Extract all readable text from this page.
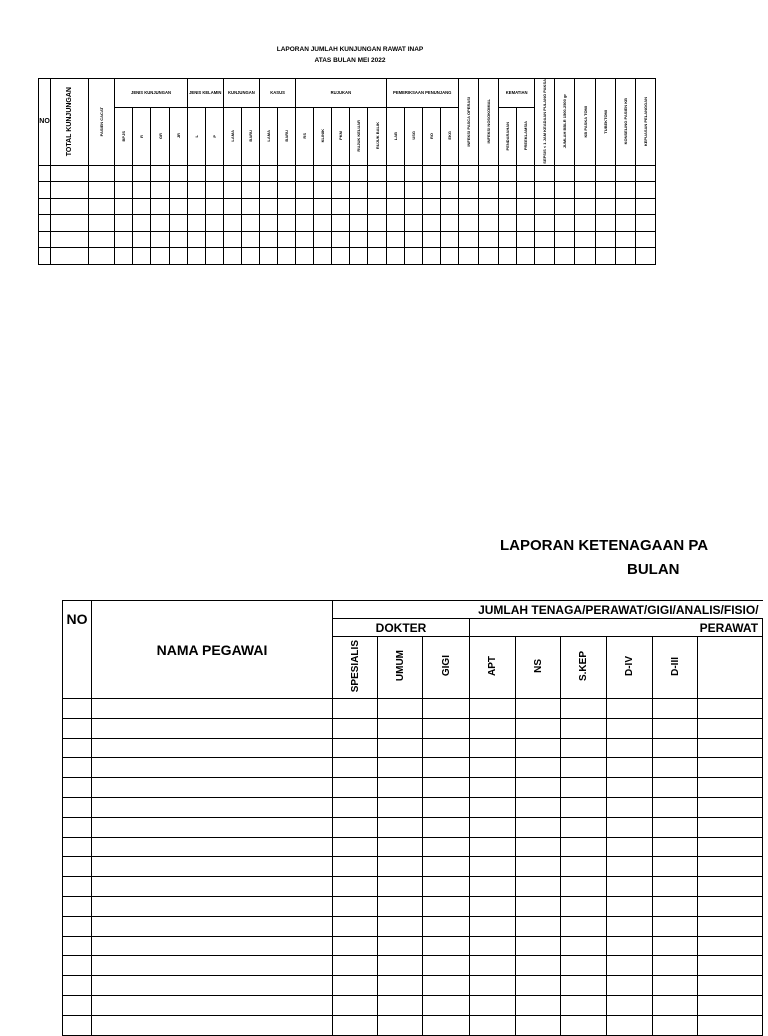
LAPORAN JUMLAH KUNJUNGAN RAWAT INAP
ATAS BULAN MEI 2022
NO	TOTAL KUNJUNGAN	PASIEN CACAT	JENIS KUNJUNGAN				JENIS KELAMIN		KUNJUNGAN		KASUS		RUJUKAN					PEMERIKSAAN PENUNJANG				INFEKSI PASCA OPERASI	INFEKSI NOSOKOMIAL	KEMATIAN		SEPSIS < 1 JAM KEADAAN PULANG PAKSA	JUMLAH BBLR 1500-2500 gr	KB PASKA TOMI	TUBEKTOMI	KONSELING PASIEN KB	KEPUASAN PELANGGAN
			BPJS	R	GR	JR	L	P	LAMA	BARU	LAMA	BARU	RS	KLINIK	PKM	RUJUK KELUAR	RUJUK BALIK	LAB	USG	RO	EKG			PENDARAHAN	PREEKLAMSIA						

LAPORAN KETENAGAAN PA
BULAN
NO	NAMA PEGAWAI	JUMLAH TENAGA/PERAWAT/GIGI/ANALIS/FISIO/								
		DOKTER			PERAWAT					
		SPESIALIS	UMUM	GIGI	APT	NS	S.KEP	D-IV	D-III	
